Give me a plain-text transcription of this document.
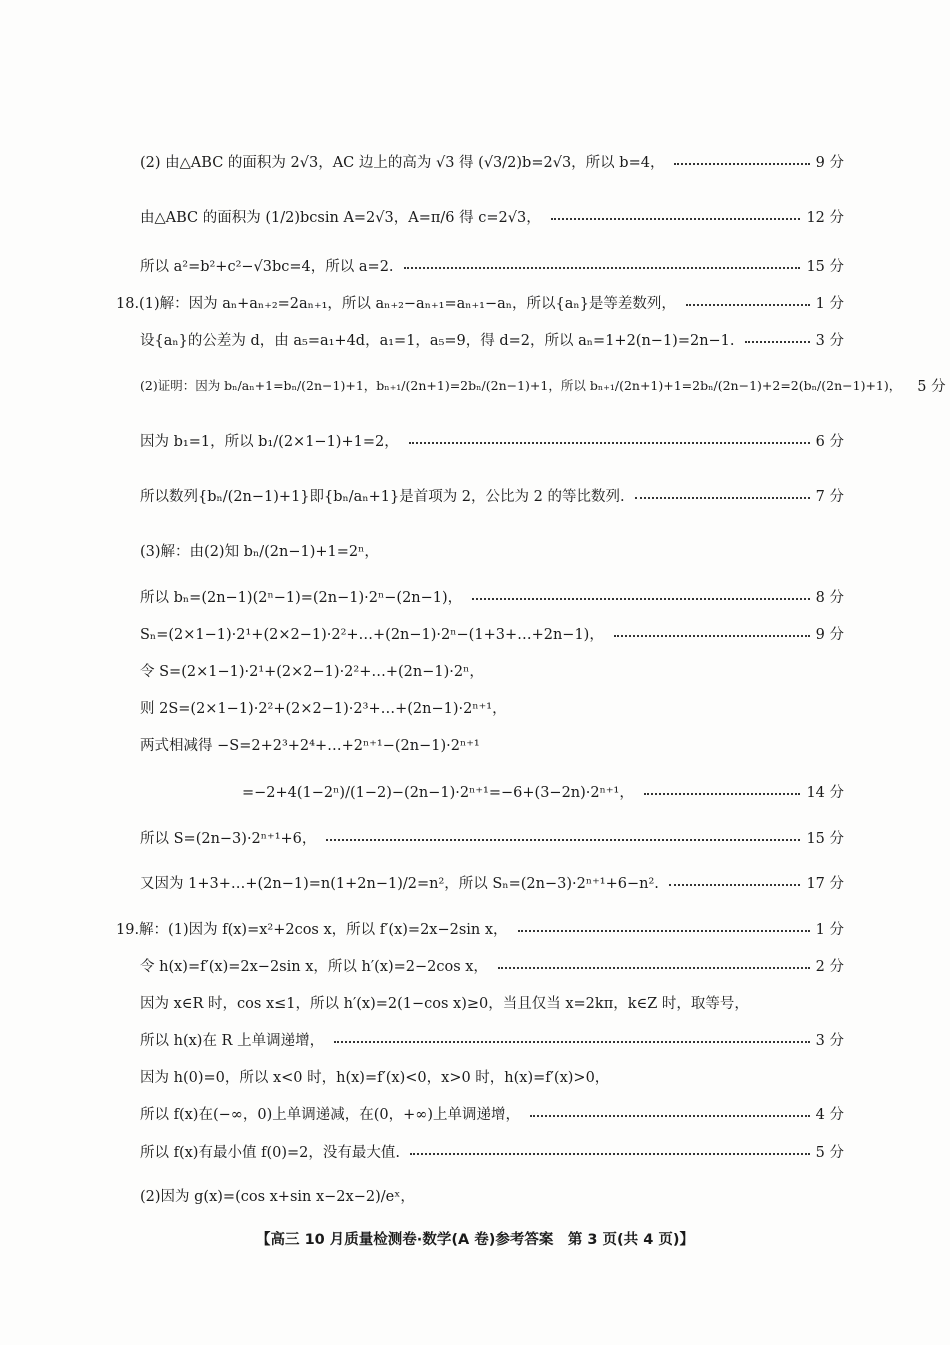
(2) 由△ABC 的面积为 2√3，AC 边上的高为 √3 得 (√3/2)b=2√3，所以 b=4，	9 分
由△ABC 的面积为 (1/2)bcsin A=2√3，A=π/6 得 c=2√3，	12 分
所以 a²=b²+c²−√3bc=4，所以 a=2.	15 分
18.(1)解：因为 aₙ+aₙ₊₂=2aₙ₊₁，所以 aₙ₊₂−aₙ₊₁=aₙ₊₁−aₙ，所以{aₙ}是等差数列，	1 分
设{aₙ}的公差为 d，由 a₅=a₁+4d，a₁=1，a₅=9，得 d=2，所以 aₙ=1+2(n−1)=2n−1.	3 分
(2)证明：因为 bₙ/aₙ+1=bₙ/(2n−1)+1，bₙ₊₁/(2n+1)=2bₙ/(2n−1)+1，所以 bₙ₊₁/(2n+1)+1=2bₙ/(2n−1)+2=2(bₙ/(2n−1)+1)， 5 分
因为 b₁=1，所以 b₁/(2×1−1)+1=2，	6 分
所以数列{bₙ/(2n−1)+1}即{bₙ/aₙ+1}是首项为 2，公比为 2 的等比数列.	7 分
(3)解：由(2)知 bₙ/(2n−1)+1=2ⁿ，
所以 bₙ=(2n−1)(2ⁿ−1)=(2n−1)·2ⁿ−(2n−1)，	8 分
Sₙ=(2×1−1)·2¹+(2×2−1)·2²+…+(2n−1)·2ⁿ−(1+3+…+2n−1)，	9 分
令 S=(2×1−1)·2¹+(2×2−1)·2²+…+(2n−1)·2ⁿ，
则 2S=(2×1−1)·2²+(2×2−1)·2³+…+(2n−1)·2ⁿ⁺¹，
两式相减得 −S=2+2³+2⁴+…+2ⁿ⁺¹−(2n−1)·2ⁿ⁺¹
=−2+4(1−2ⁿ)/(1−2)−(2n−1)·2ⁿ⁺¹=−6+(3−2n)·2ⁿ⁺¹，	14 分
所以 S=(2n−3)·2ⁿ⁺¹+6，	15 分
又因为 1+3+…+(2n−1)=n(1+2n−1)/2=n²，所以 Sₙ=(2n−3)·2ⁿ⁺¹+6−n².	17 分
19.解：(1)因为 f(x)=x²+2cos x，所以 f′(x)=2x−2sin x，	1 分
令 h(x)=f′(x)=2x−2sin x，所以 h′(x)=2−2cos x，	2 分
因为 x∈R 时，cos x≤1，所以 h′(x)=2(1−cos x)≥0，当且仅当 x=2kπ，k∈Z 时，取等号，
所以 h(x)在 R 上单调递增，	3 分
因为 h(0)=0，所以 x<0 时，h(x)=f′(x)<0，x>0 时，h(x)=f′(x)>0，
所以 f(x)在(−∞，0)上单调递减，在(0，+∞)上单调递增，	4 分
所以 f(x)有最小值 f(0)=2，没有最大值.	5 分
(2)因为 g(x)=(cos x+sin x−2x−2)/eˣ，
【高三 10 月质量检测卷·数学(A 卷)参考答案　第 3 页(共 4 页)】
